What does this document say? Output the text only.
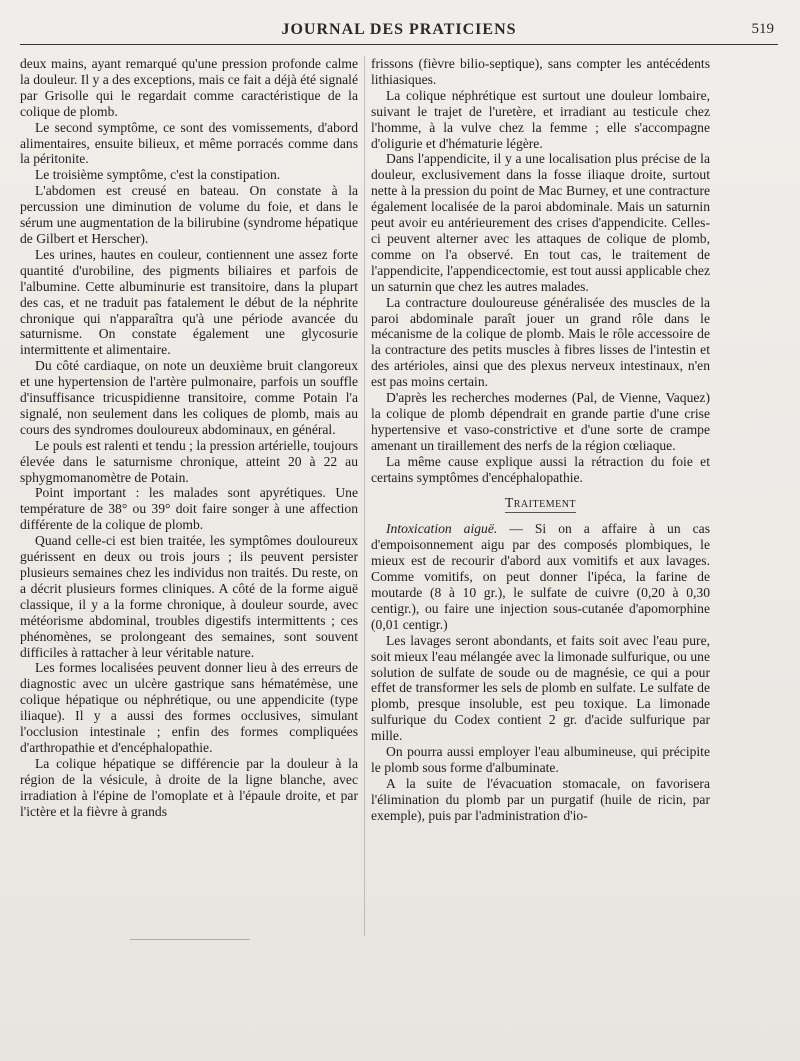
JOURNAL DES PRATICIENS	519

deux mains, ayant remarqué qu'une pression profonde calme la douleur. Il y a des exceptions, mais ce fait a déjà été signalé par Grisolle qui le regardait comme caractéristique de la colique de plomb.

Le second symptôme, ce sont des vomissements, d'abord alimentaires, ensuite bilieux, et même porracés comme dans la péritonite.

Le troisième symptôme, c'est la constipation.

L'abdomen est creusé en bateau. On constate à la percussion une diminution de volume du foie, et dans le sérum une augmentation de la bilirubine (syndrome hépatique de Gilbert et Herscher).

Les urines, hautes en couleur, contiennent une assez forte quantité d'urobiline, des pigments biliaires et parfois de l'albumine. Cette albuminurie est transitoire, dans la plupart des cas, et ne traduit pas fatalement le début de la néphrite chronique qui n'apparaîtra qu'à une période avancée du saturnisme. On constate également une glycosurie intermittente et alimentaire.

Du côté cardiaque, on note un deuxième bruit clangoreux et une hypertension de l'artère pulmonaire, parfois un souffle d'insuffisance tricuspidienne transitoire, comme Potain l'a signalé, non seulement dans les coliques de plomb, mais au cours des syndromes douloureux abdominaux, en général.

Le pouls est ralenti et tendu ; la pression artérielle, toujours élevée dans le saturnisme chronique, atteint 20 à 22 au sphygmomanomètre de Potain.

Point important : les malades sont apyrétiques. Une température de 38° ou 39° doit faire songer à une affection différente de la colique de plomb.

Quand celle-ci est bien traitée, les symptômes douloureux guérissent en deux ou trois jours ; ils peuvent persister plusieurs semaines chez les individus non traités. Du reste, on a décrit plusieurs formes cliniques. A côté de la forme aiguë classique, il y a la forme chronique, à douleur sourde, avec météorisme abdominal, troubles digestifs intermittents ; ces phénomènes, se prolongeant des semaines, sont souvent difficiles à rattacher à leur véritable nature.

Les formes localisées peuvent donner lieu à des erreurs de diagnostic avec un ulcère gastrique sans hématémèse, une colique hépatique ou néphrétique, ou une appendicite (type iliaque). Il y a aussi des formes occlusives, simulant l'occlusion intestinale ; enfin des formes compliquées d'arthropathie et d'encéphalopathie.

La colique hépatique se différencie par la douleur à la région de la vésicule, à droite de la ligne blanche, avec irradiation à l'épine de l'omoplate et à l'épaule droite, et par l'ictère et la fièvre à grands

frissons (fièvre bilio-septique), sans compter les antécédents lithiasiques.

La colique néphrétique est surtout une douleur lombaire, suivant le trajet de l'uretère, et irradiant au testicule chez l'homme, à la vulve chez la femme ; elle s'accompagne d'oligurie et d'hématurie légère.

Dans l'appendicite, il y a une localisation plus précise de la douleur, exclusivement dans la fosse iliaque droite, surtout nette à la pression du point de Mac Burney, et une contracture également localisée de la paroi abdominale. Mais un saturnin peut avoir eu antérieurement des crises d'appendicite. Celles-ci peuvent alterner avec les attaques de colique de plomb, comme on l'a observé. En tout cas, le traitement de l'appendicite, l'appendicectomie, est tout aussi applicable chez un saturnin que chez les autres malades.

La contracture douloureuse généralisée des muscles de la paroi abdominale paraît jouer un grand rôle dans le mécanisme de la colique de plomb. Mais le rôle accessoire de la contracture des petits muscles à fibres lisses de l'intestin et des artérioles, ainsi que des plexus nerveux intestinaux, n'en est pas moins certain.

D'après les recherches modernes (Pal, de Vienne, Vaquez) la colique de plomb dépendrait en grande partie d'une crise hypertensive et vaso-constrictive et d'une sorte de crampe amenant un tiraillement des nerfs de la région cœliaque.

La même cause explique aussi la rétraction du foie et certains symptômes d'encéphalopathie.

Traitement

Intoxication aiguë. — Si on a affaire à un cas d'empoisonnement aigu par des composés plombiques, le mieux est de recourir d'abord aux vomitifs et aux lavages. Comme vomitifs, on peut donner l'ipéca, la farine de moutarde (8 à 10 gr.), le sulfate de cuivre (0,20 à 0,30 centigr.), ou faire une injection sous-cutanée d'apomorphine (0,01 centigr.)

Les lavages seront abondants, et faits soit avec l'eau pure, soit mieux l'eau mélangée avec la limonade sulfurique, ou une solution de sulfate de soude ou de magnésie, ce qui a pour effet de transformer les sels de plomb en sulfate. Le sulfate de plomb, presque insoluble, est peu toxique. La limonade sulfurique du Codex contient 2 gr. d'acide sulfurique par mille.

On pourra aussi employer l'eau albumineuse, qui précipite le plomb sous forme d'albuminate.

A la suite de l'évacuation stomacale, on favorisera l'élimination du plomb par un purgatif (huile de ricin, par exemple), puis par l'administration d'io-
